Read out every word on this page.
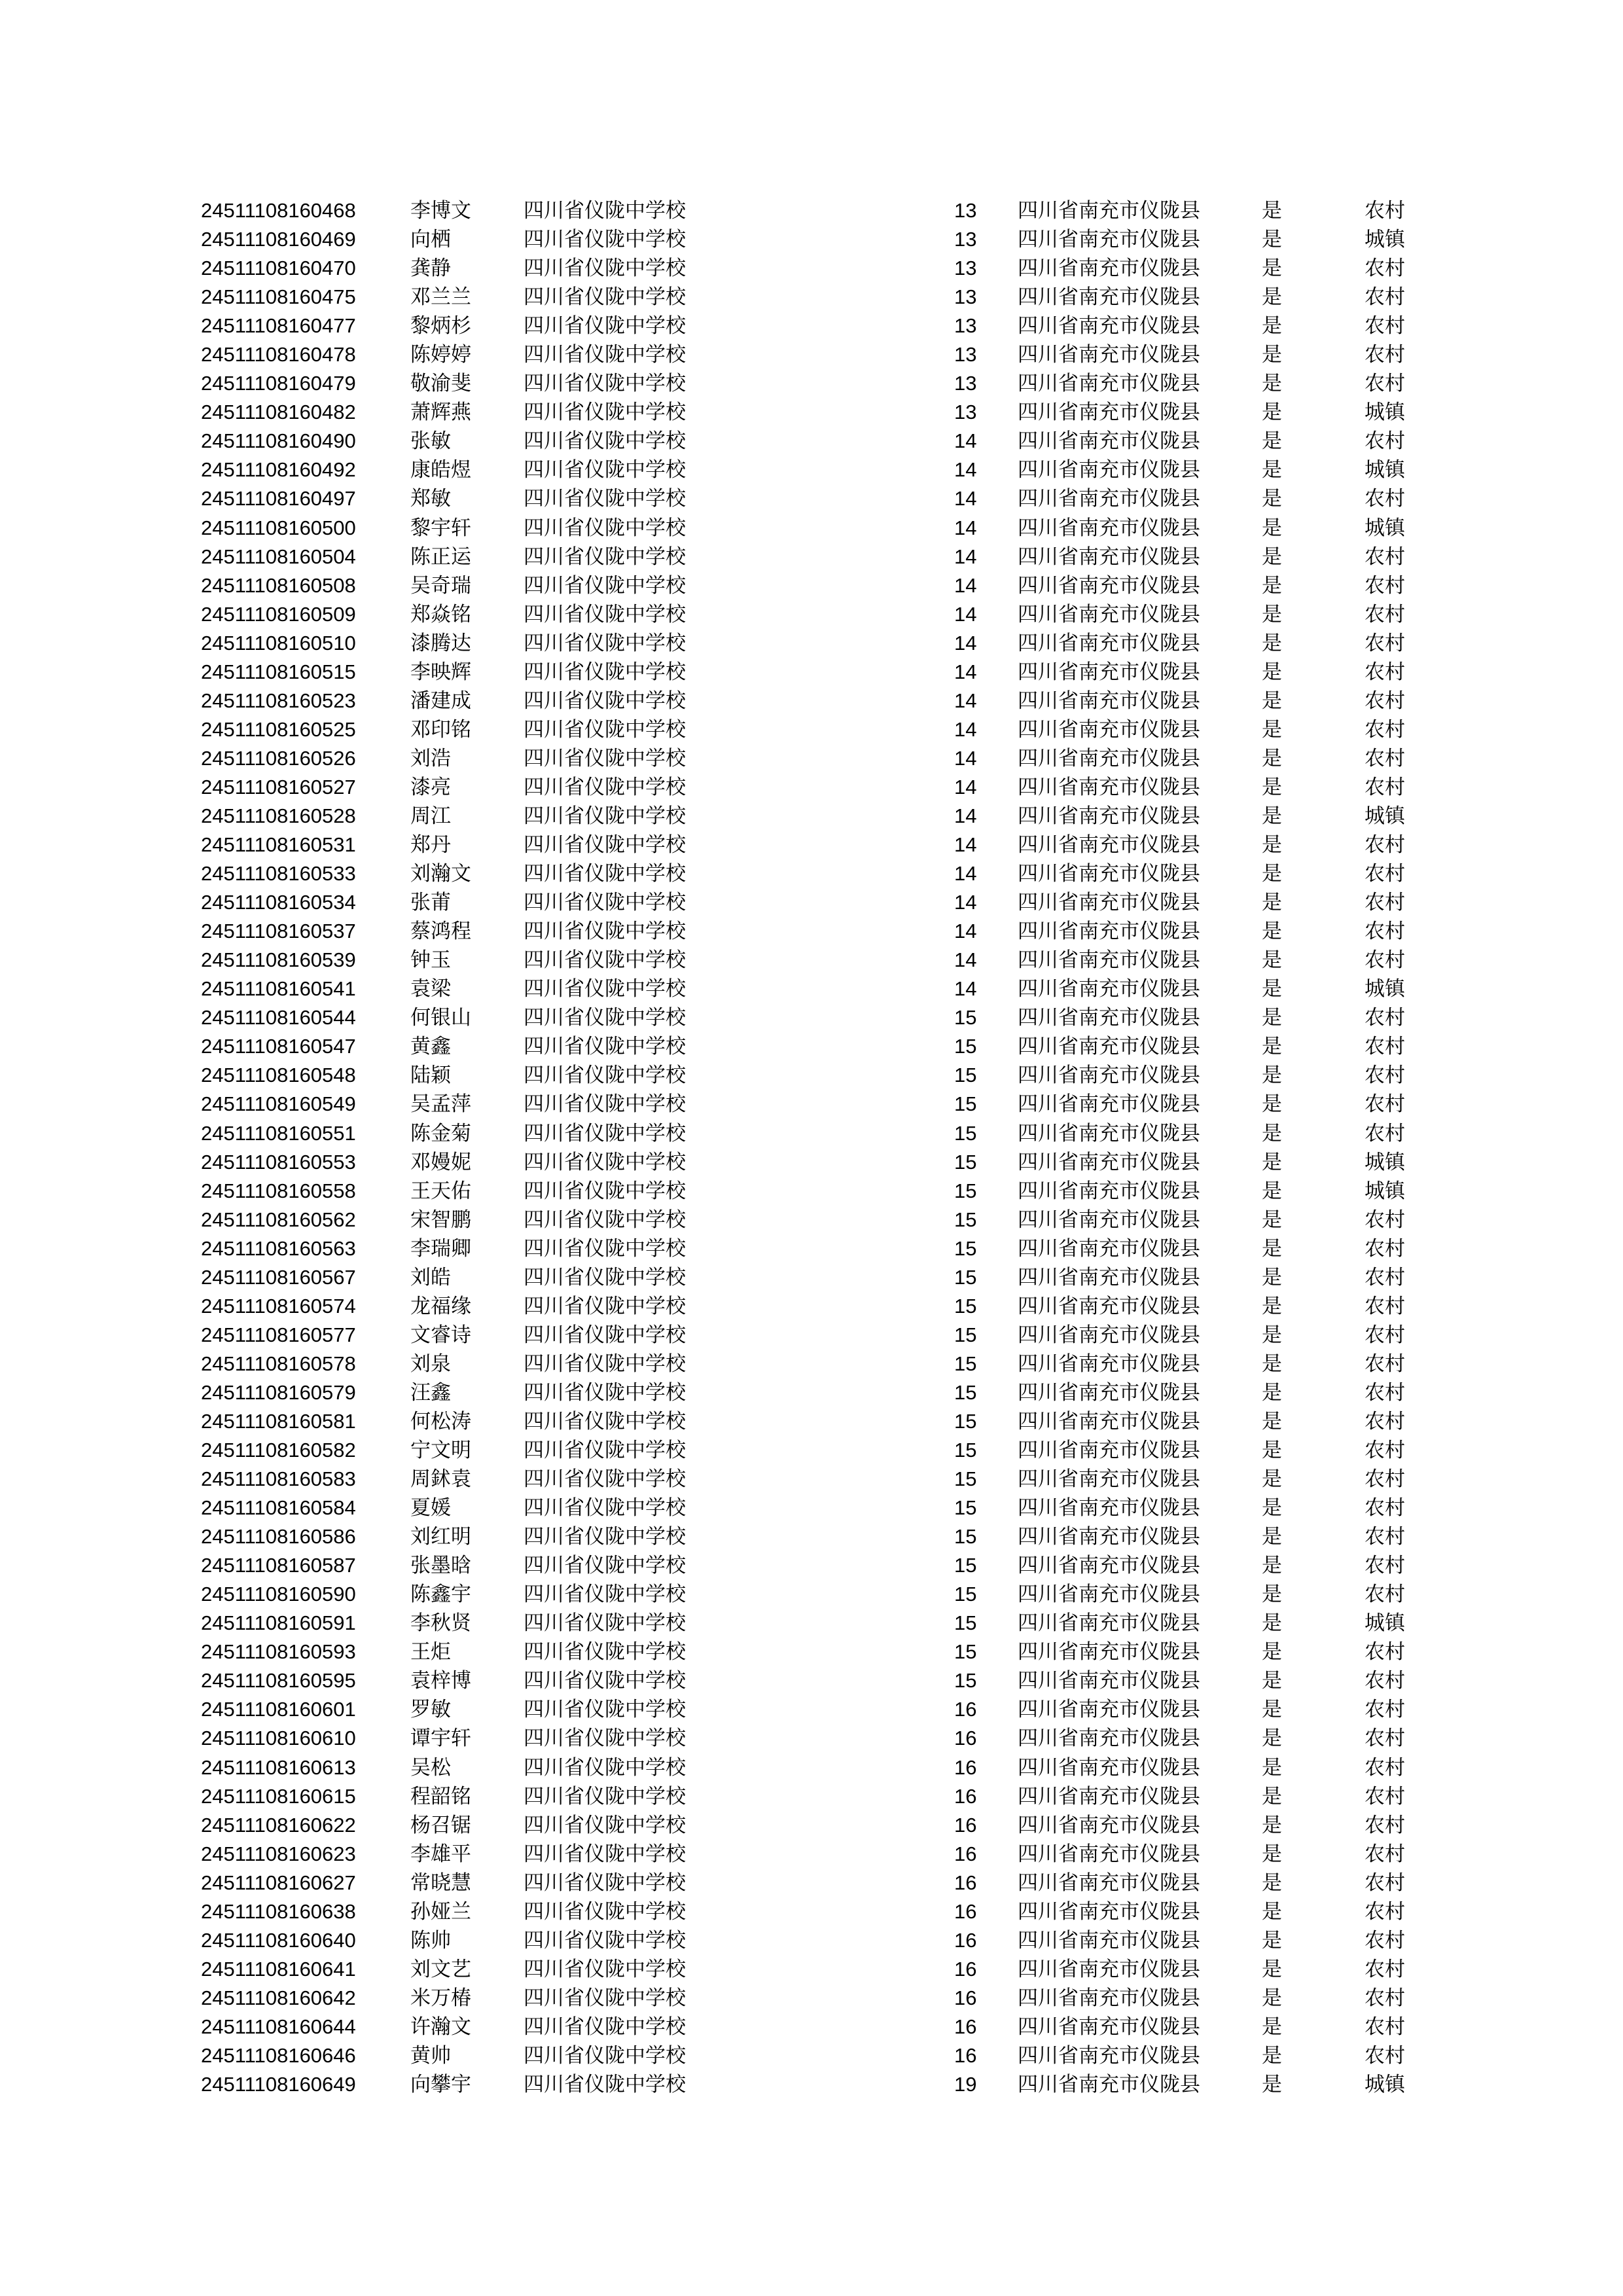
24511108160468	李博文	四川省仪陇中学校	13 四川省南充市仪陇县	是	农村
24511108160469	向栖	四川省仪陇中学校	13 四川省南充市仪陇县	是	城镇
24511108160470	龚静	四川省仪陇中学校	13 四川省南充市仪陇县	是	农村
24511108160475	邓兰兰	四川省仪陇中学校	13 四川省南充市仪陇县	是	农村
24511108160477	黎炳杉	四川省仪陇中学校	13 四川省南充市仪陇县	是	农村
24511108160478	陈婷婷	四川省仪陇中学校	13 四川省南充市仪陇县	是	农村
24511108160479	敬渝斐	四川省仪陇中学校	13 四川省南充市仪陇县	是	农村
24511108160482	萧辉燕	四川省仪陇中学校	13 四川省南充市仪陇县	是	城镇
24511108160490	张敏	四川省仪陇中学校	14 四川省南充市仪陇县	是	农村
24511108160492	康皓煜	四川省仪陇中学校	14 四川省南充市仪陇县	是	城镇
24511108160497	郑敏	四川省仪陇中学校	14 四川省南充市仪陇县	是	农村
24511108160500	黎宇轩	四川省仪陇中学校	14 四川省南充市仪陇县	是	城镇
24511108160504	陈正运	四川省仪陇中学校	14 四川省南充市仪陇县	是	农村
24511108160508	吴奇瑞	四川省仪陇中学校	14 四川省南充市仪陇县	是	农村
24511108160509	郑焱铭	四川省仪陇中学校	14 四川省南充市仪陇县	是	农村
24511108160510	漆腾达	四川省仪陇中学校	14 四川省南充市仪陇县	是	农村
24511108160515	李映辉	四川省仪陇中学校	14 四川省南充市仪陇县	是	农村
24511108160523	潘建成	四川省仪陇中学校	14 四川省南充市仪陇县	是	农村
24511108160525	邓印铭	四川省仪陇中学校	14 四川省南充市仪陇县	是	农村
24511108160526	刘浩	四川省仪陇中学校	14 四川省南充市仪陇县	是	农村
24511108160527	漆亮	四川省仪陇中学校	14 四川省南充市仪陇县	是	农村
24511108160528	周江	四川省仪陇中学校	14 四川省南充市仪陇县	是	城镇
24511108160531	郑丹	四川省仪陇中学校	14 四川省南充市仪陇县	是	农村
24511108160533	刘瀚文	四川省仪陇中学校	14 四川省南充市仪陇县	是	农村
24511108160534	张莆	四川省仪陇中学校	14 四川省南充市仪陇县	是	农村
24511108160537	蔡鸿程	四川省仪陇中学校	14 四川省南充市仪陇县	是	农村
24511108160539	钟玉	四川省仪陇中学校	14 四川省南充市仪陇县	是	农村
24511108160541	袁梁	四川省仪陇中学校	14 四川省南充市仪陇县	是	城镇
24511108160544	何银山	四川省仪陇中学校	15 四川省南充市仪陇县	是	农村
24511108160547	黄鑫	四川省仪陇中学校	15 四川省南充市仪陇县	是	农村
24511108160548	陆颖	四川省仪陇中学校	15 四川省南充市仪陇县	是	农村
24511108160549	吴孟萍	四川省仪陇中学校	15 四川省南充市仪陇县	是	农村
24511108160551	陈金菊	四川省仪陇中学校	15 四川省南充市仪陇县	是	农村
24511108160553	邓嫚妮	四川省仪陇中学校	15 四川省南充市仪陇县	是	城镇
24511108160558	王天佑	四川省仪陇中学校	15 四川省南充市仪陇县	是	城镇
24511108160562	宋智鹏	四川省仪陇中学校	15 四川省南充市仪陇县	是	农村
24511108160563	李瑞卿	四川省仪陇中学校	15 四川省南充市仪陇县	是	农村
24511108160567	刘皓	四川省仪陇中学校	15 四川省南充市仪陇县	是	农村
24511108160574	龙福缘	四川省仪陇中学校	15 四川省南充市仪陇县	是	农村
24511108160577	文睿诗	四川省仪陇中学校	15 四川省南充市仪陇县	是	农村
24511108160578	刘泉	四川省仪陇中学校	15 四川省南充市仪陇县	是	农村
24511108160579	汪鑫	四川省仪陇中学校	15 四川省南充市仪陇县	是	农村
24511108160581	何松涛	四川省仪陇中学校	15 四川省南充市仪陇县	是	农村
24511108160582	宁文明	四川省仪陇中学校	15 四川省南充市仪陇县	是	农村
24511108160583	周鉥袁	四川省仪陇中学校	15 四川省南充市仪陇县	是	农村
24511108160584	夏媛	四川省仪陇中学校	15 四川省南充市仪陇县	是	农村
24511108160586	刘红明	四川省仪陇中学校	15 四川省南充市仪陇县	是	农村
24511108160587	张墨晗	四川省仪陇中学校	15 四川省南充市仪陇县	是	农村
24511108160590	陈鑫宇	四川省仪陇中学校	15 四川省南充市仪陇县	是	农村
24511108160591	李秋贤	四川省仪陇中学校	15 四川省南充市仪陇县	是	城镇
24511108160593	王炬	四川省仪陇中学校	15 四川省南充市仪陇县	是	农村
24511108160595	袁梓博	四川省仪陇中学校	15 四川省南充市仪陇县	是	农村
24511108160601	罗敏	四川省仪陇中学校	16 四川省南充市仪陇县	是	农村
24511108160610	谭宇轩	四川省仪陇中学校	16 四川省南充市仪陇县	是	农村
24511108160613	吴松	四川省仪陇中学校	16 四川省南充市仪陇县	是	农村
24511108160615	程韶铭	四川省仪陇中学校	16 四川省南充市仪陇县	是	农村
24511108160622	杨召锯	四川省仪陇中学校	16 四川省南充市仪陇县	是	农村
24511108160623	李雄平	四川省仪陇中学校	16 四川省南充市仪陇县	是	农村
24511108160627	常晓慧	四川省仪陇中学校	16 四川省南充市仪陇县	是	农村
24511108160638	孙娅兰	四川省仪陇中学校	16 四川省南充市仪陇县	是	农村
24511108160640	陈帅	四川省仪陇中学校	16 四川省南充市仪陇县	是	农村
24511108160641	刘文艺	四川省仪陇中学校	16 四川省南充市仪陇县	是	农村
24511108160642	米万椿	四川省仪陇中学校	16 四川省南充市仪陇县	是	农村
24511108160644	许瀚文	四川省仪陇中学校	16 四川省南充市仪陇县	是	农村
24511108160646	黄帅	四川省仪陇中学校	16 四川省南充市仪陇县	是	农村
24511108160649	向攀宇	四川省仪陇中学校	19 四川省南充市仪陇县	是	城镇
